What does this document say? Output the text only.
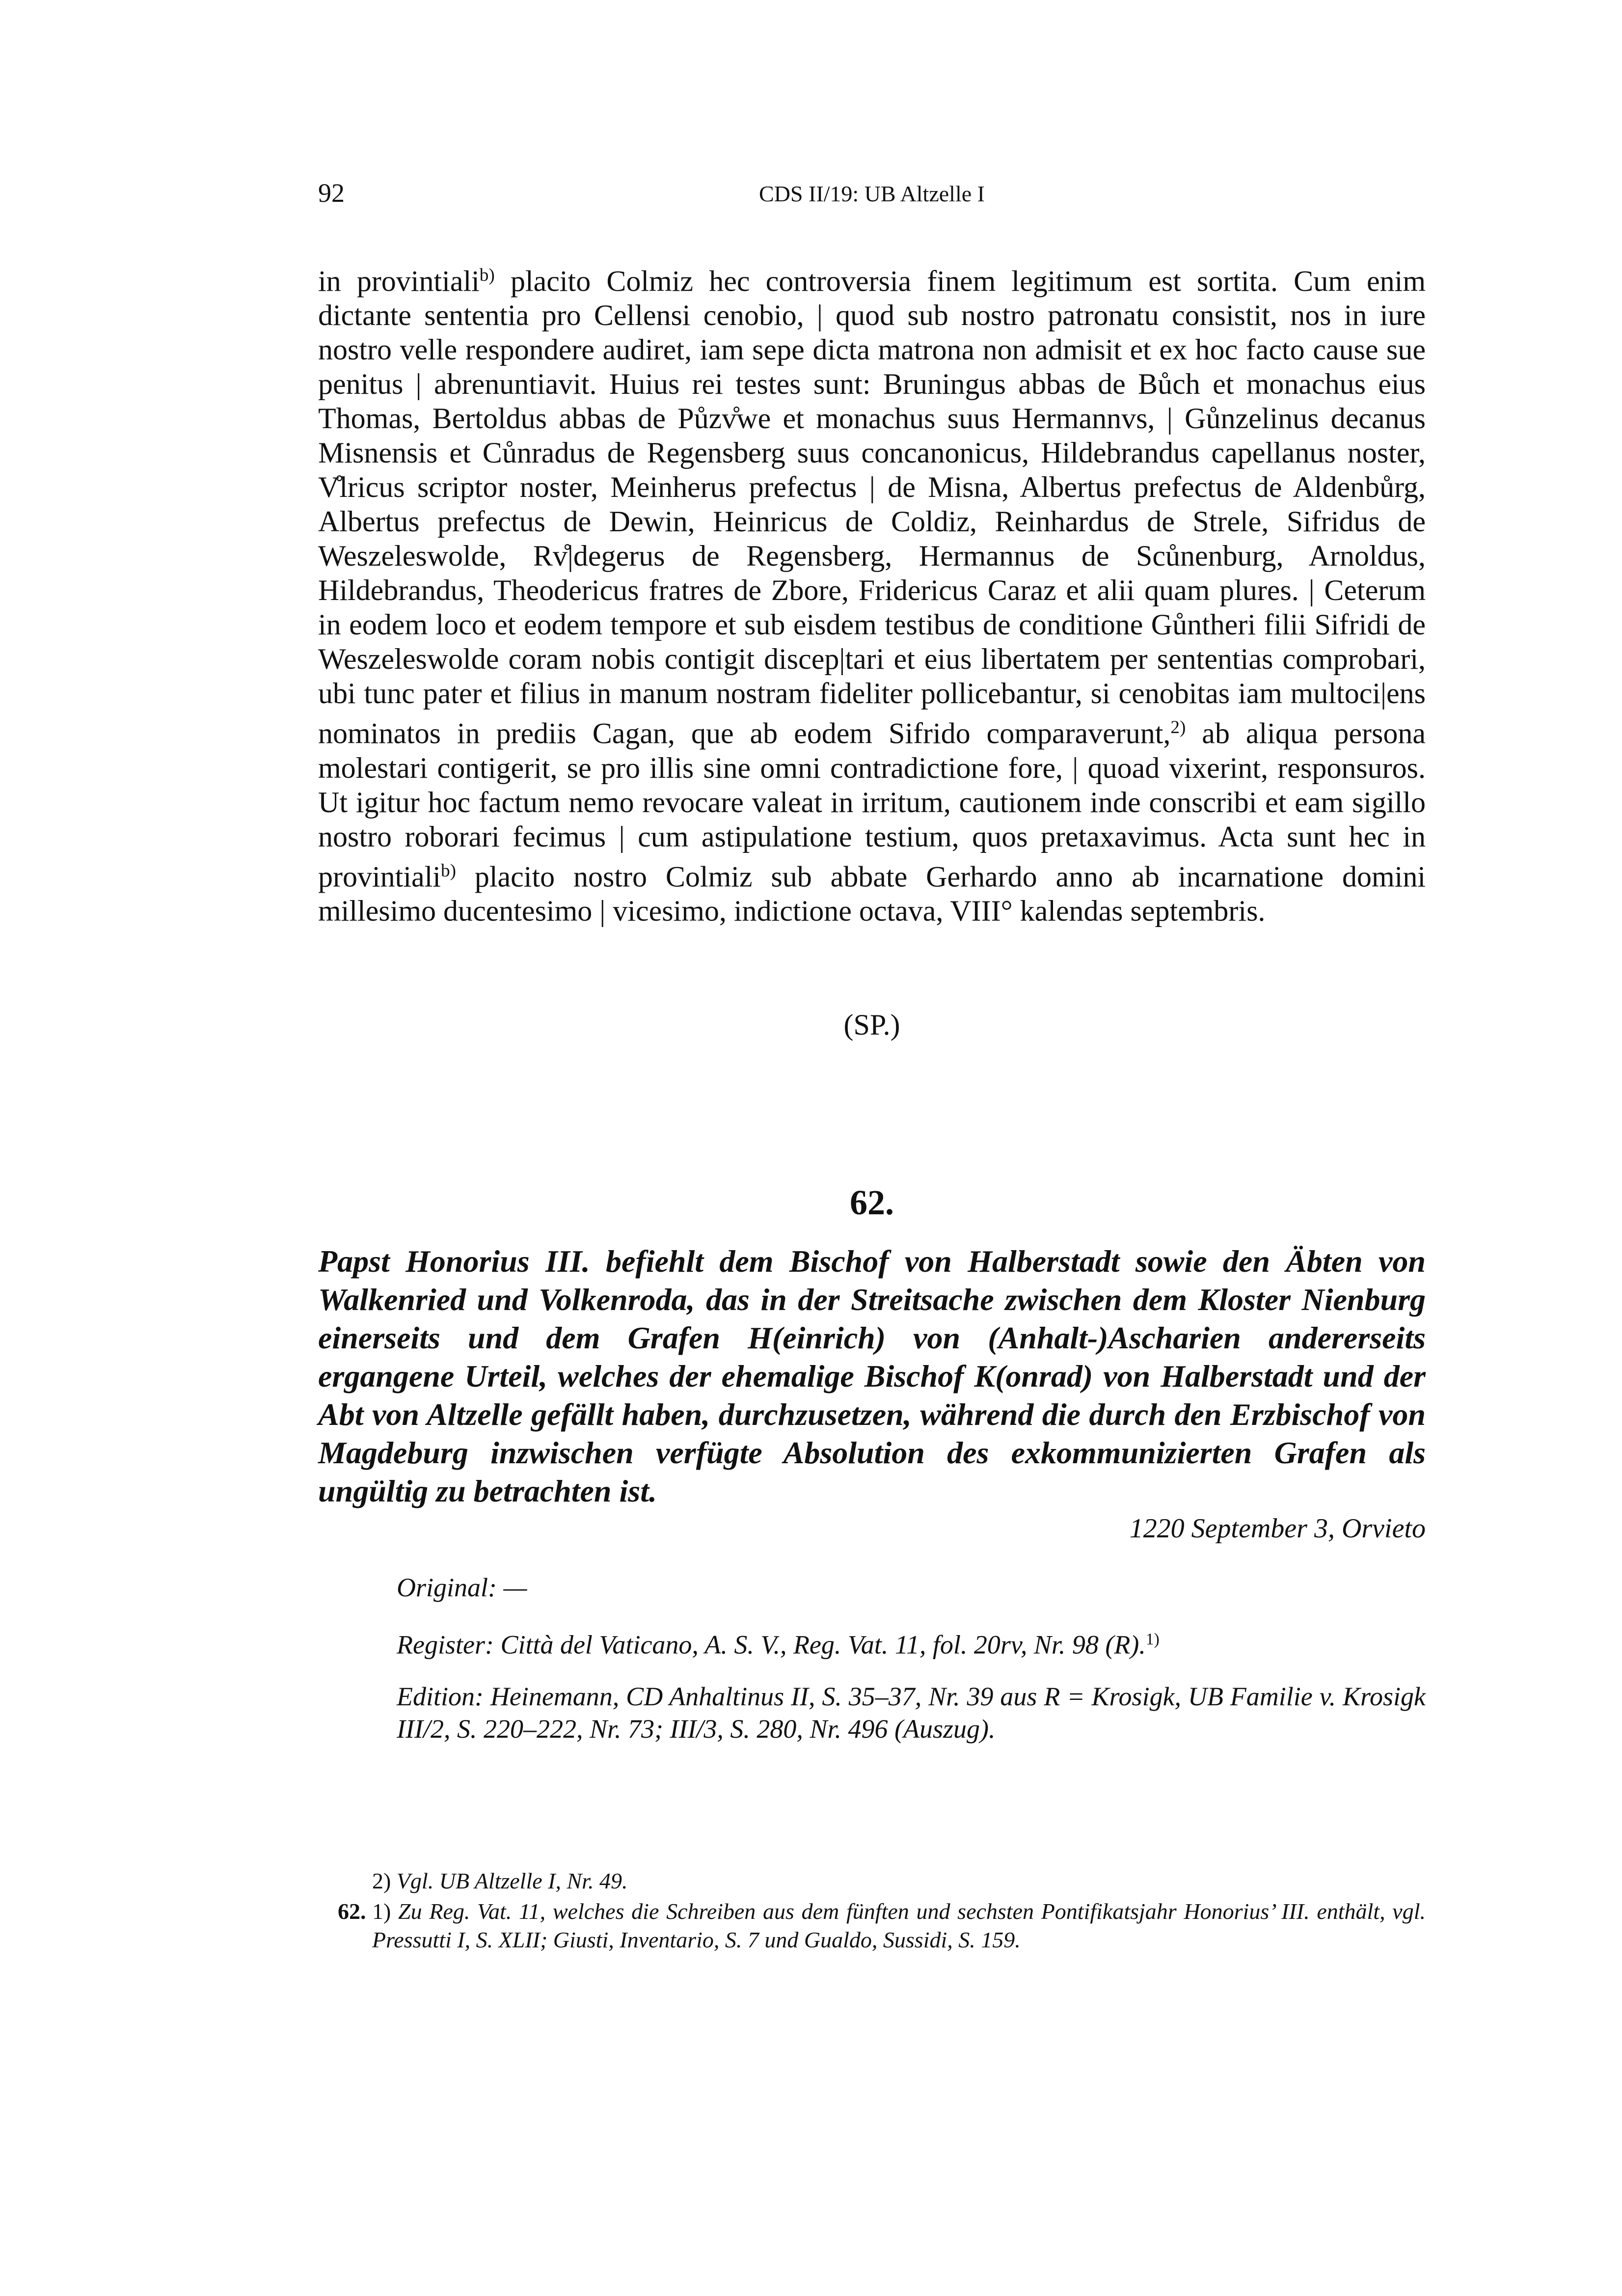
92	CDS II/19: UB Altzelle I

in provintiali$^{b)}$ placito Colmiz hec controversia finem legitimum est sortita. Cum enim dictante sententia pro Cellensi cenobio, | quod sub nostro patronatu consistit, nos in iure nostro velle respondere audiret, iam sepe dicta matrona non admisit et ex hoc facto cause sue penitus | abrenuntiavit. Huius rei testes sunt: Bruningus abbas de Bůch et monachus eius Thomas, Bertoldus abbas de Půzv̊we et monachus suus Hermannvs, | Gůnzelinus decanus Misnensis et Cůnradus de Regensberg suus concanonicus, Hildebrandus capellanus noster, V̊lricus scriptor noster, Meinherus prefectus | de Misna, Albertus prefectus de Aldenbůrg, Albertus prefectus de Dewin, Heinricus de Coldiz, Reinhardus de Strele, Sifridus de Weszeleswolde, Rv̊|degerus de Regensberg, Hermannus de Scůnenburg, Arnoldus, Hildebrandus, Theodericus fratres de Zbore, Fridericus Caraz et alii quam plures. | Ceterum in eodem loco et eodem tempore et sub eisdem testibus de conditione Gůntheri filii Sifridi de Weszeleswolde coram nobis contigit discep|tari et eius libertatem per sententias comprobari, ubi tunc pater et filius in manum nostram fideliter pollicebantur, si cenobitas iam multoci|ens nominatos in prediis Cagan, que ab eodem Sifrido comparaverunt,$^{2)}$ ab aliqua persona molestari contigerit, se pro illis sine omni contradictione fore, | quoad vixerint, responsuros. Ut igitur hoc factum nemo revocare valeat in irritum, cautionem inde conscribi et eam sigillo nostro roborari fecimus | cum astipulatione testium, quos pretaxavimus. Acta sunt hec in provintiali$^{b)}$ placito nostro Colmiz sub abbate Gerhardo anno ab incarnatione domini millesimo ducentesimo | vicesimo, indictione octava, VIII° kalendas septembris.

(SP.)
62.

Papst Honorius III. befiehlt dem Bischof von Halberstadt sowie den Äbten von Walkenried und Volkenroda, das in der Streitsache zwischen dem Kloster Nienburg einerseits und dem Grafen H(einrich) von (Anhalt-)Ascharien andererseits ergangene Urteil, welches der ehemalige Bischof K(onrad) von Halberstadt und der Abt von Altzelle gefällt haben, durchzusetzen, während die durch den Erzbischof von Magdeburg inzwischen verfügte Absolution des exkommunizierten Grafen als ungültig zu betrachten ist.

1220 September 3, Orvieto

Original: —

Register: Città del Vaticano, A. S. V., Reg. Vat. 11, fol. 20rv, Nr. 98 (R).$^{1)}$

Edition: Heinemann, CD Anhaltinus II, S. 35–37, Nr. 39 aus R = Krosigk, UB Familie v. Krosigk III/2, S. 220–222, Nr. 73; III/3, S. 280, Nr. 496 (Auszug).

2) Vgl. UB Altzelle I, Nr. 49.

62. 1) Zu Reg. Vat. 11, welches die Schreiben aus dem fünften und sechsten Pontifikatsjahr Honorius’ III. enthält, vgl. Pressutti I, S. XLII; Giusti, Inventario, S. 7 und Gualdo, Sussidi, S. 159.
